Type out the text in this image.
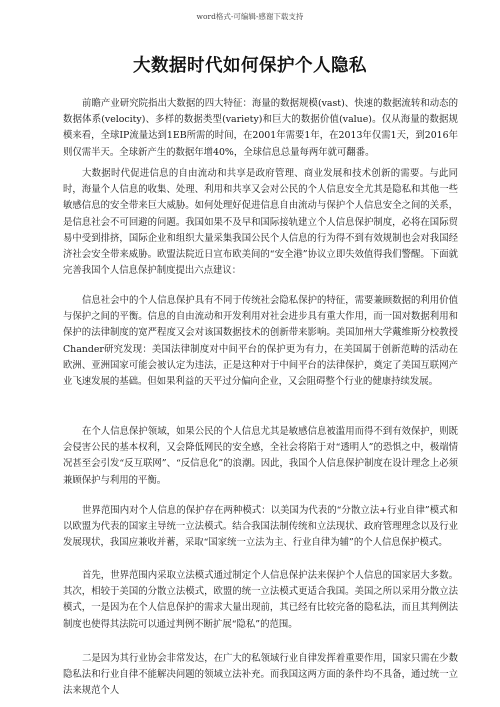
word格式-可编辑-感谢下载支持
大数据时代如何保护个人隐私

前瞻产业研究院指出大数据的四大特征：海量的数据规模(vast)、快速的数据流转和动态的数据体系(velocity)、多样的数据类型(variety)和巨大的数据价值(value)。仅从海量的数据规模来看，全球IP流量达到1EB所需的时间，在2001年需要1年，在2013年仅需1天，到2016年则仅需半天。全球新产生的数据年增40%，全球信息总量每两年就可翻番。

大数据时代促进信息的自由流动和共享是政府管理、商业发展和技术创新的需要。与此同时，海量个人信息的收集、处理、利用和共享又会对公民的个人信息安全尤其是隐私和其他一些敏感信息的安全带来巨大威胁。如何处理好促进信息自由流动与保护个人信息安全之间的关系，是信息社会不可回避的问题。我国如果不及早和国际接轨建立个人信息保护制度，必将在国际贸易中受到排挤，国际企业和组织大量采集我国公民个人信息的行为得不到有效规制也会对我国经济社会安全带来威胁。欧盟法院近日宣布欧美间的“安全港”协议立即失效值得我们警醒。下面就完善我国个人信息保护制度提出六点建议：

信息社会中的个人信息保护具有不同于传统社会隐私保护的特征，需要兼顾数据的利用价值与保护之间的平衡。信息的自由流动和开发利用对社会进步具有重大作用，而一国对数据利用和保护的法律制度的宽严程度又会对该国数据技术的创新带来影响。美国加州大学戴维斯分校教授Chander研究发现：美国法律制度对中间平台的保护更为有力，在美国属于创新范畴的活动在欧洲、亚洲国家可能会被认定为违法，正是这种对于中间平台的法律保护，奠定了美国互联网产业飞速发展的基础。但如果利益的天平过分偏向企业，又会阻碍整个行业的健康持续发展。

在个人信息保护领域，如果公民的个人信息尤其是敏感信息被滥用而得不到有效保护，则既会侵害公民的基本权利，又会降低网民的安全感，全社会将陷于对“透明人”的恐惧之中，极端情况甚至会引发“反互联网”、“反信息化”的浪潮。因此，我国个人信息保护制度在设计理念上必须兼顾保护与利用的平衡。

世界范围内对个人信息的保护存在两种模式：以美国为代表的“分散立法+行业自律”模式和以欧盟为代表的国家主导统一立法模式。结合我国法制传统和立法现状、政府管理理念以及行业发展现状，我国应兼收并蓄，采取“国家统一立法为主、行业自律为辅”的个人信息保护模式。

首先，世界范围内采取立法模式通过制定个人信息保护法来保护个人信息的国家居大多数。其次，相较于美国的分散立法模式，欧盟的统一立法模式更适合我国。美国之所以采用分散立法模式，一是因为在个人信息保护的需求大量出现前，其已经有比较完备的隐私法，而且其判例法制度也使得其法院可以通过判例不断扩展“隐私”的范围。

二是因为其行业协会非常发达，在广大的私领域行业自律发挥着重要作用，国家只需在少数隐私法和行业自律不能解决问题的领域立法补充。而我国这两方面的条件均不具备，通过统一立法来规范个人
